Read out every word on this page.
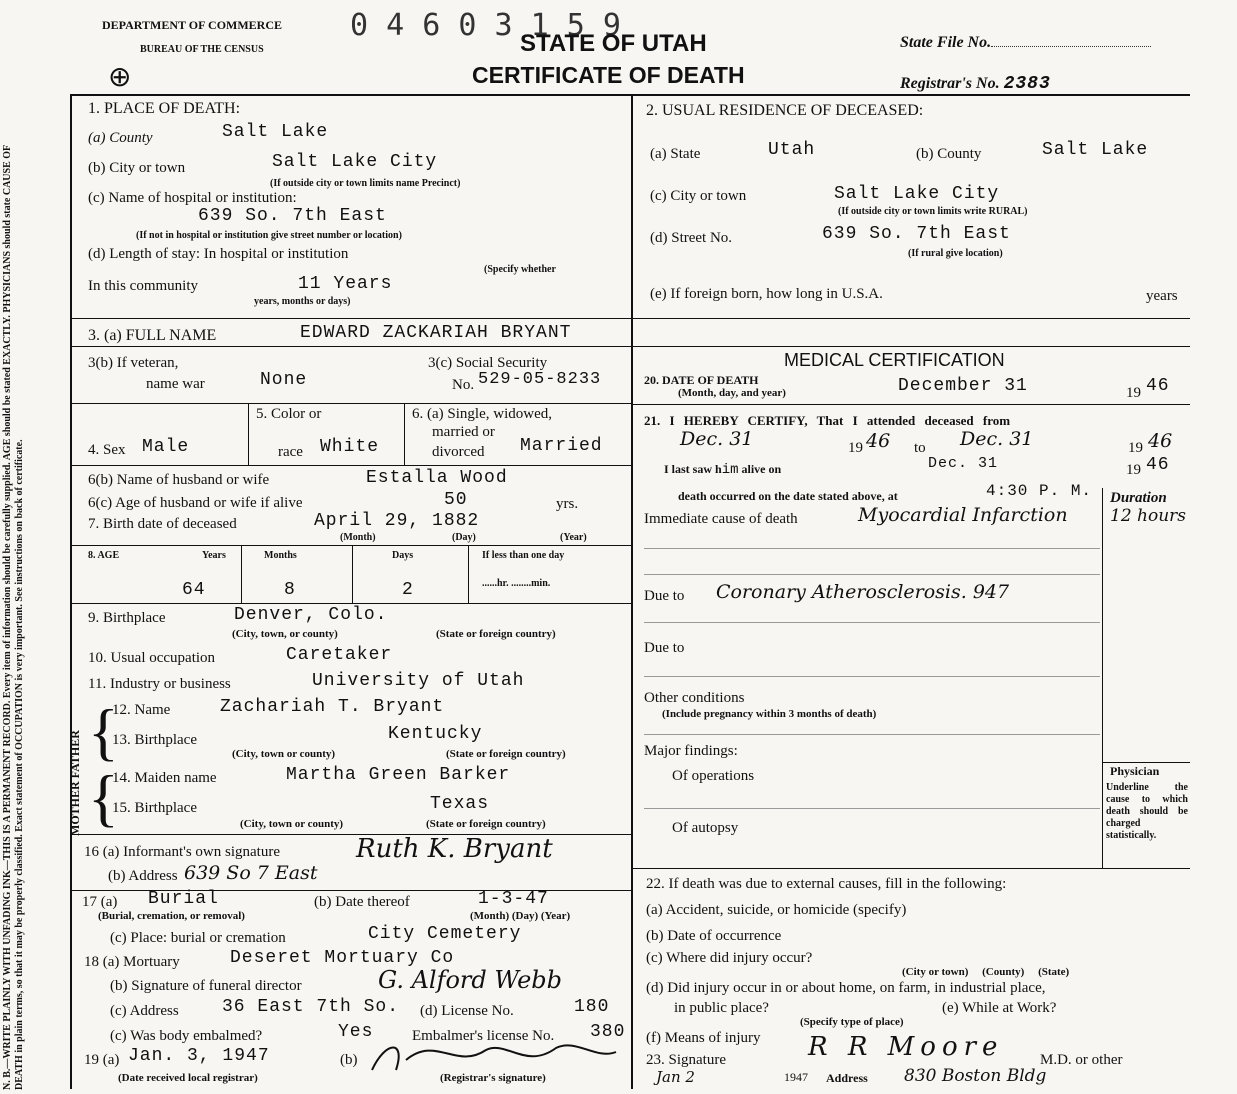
DEPARTMENT OF COMMERCE
BUREAU OF THE CENSUS
0 4 6 0 3 1 5 9
STATE OF UTAH
CERTIFICATE OF DEATH
State File No.
Registrar's No. 2383
⊕
N. B.—WRITE PLAINLY WITH UNFADING INK—THIS IS A PERMANENT RECORD. Every item of information should be carefully supplied. AGE should be stated EXACTLY. PHYSICIANS should state CAUSE OF DEATH in plain terms, so that it may be properly classified. Exact statement of OCCUPATION is very important. See instructions on back of certificate.
1. PLACE OF DEATH:
(a) County	Salt Lake
(b) City or town	Salt Lake City
(If outside city or town limits name Precinct)
(c) Name of hospital or institution:
639 So. 7th East
(If not in hospital or institution give street number or location)
(d) Length of stay: In hospital or institution
(Specify whether
In this community	11 Years
years, months or days)
2. USUAL RESIDENCE OF DECEASED:
(a) State	Utah	(b) County	Salt Lake
(c) City or town	Salt Lake City
(If outside city or town limits write RURAL)
(d) Street No.	639 So. 7th East
(If rural give location)
(e) If foreign born, how long in U.S.A.	years
3. (a) FULL NAME	EDWARD ZACKARIAH BRYANT
3(b) If veteran,
name war	None
3(c) Social Security
No. 529-05-8233
4. Sex Male
5. Color or
race White
6. (a) Single, widowed,
married or
divorced Married
6(b) Name of husband or wife	Estalla Wood
6(c) Age of husband or wife if alive	50	yrs.
7. Birth date of deceased	April 29, 1882
(Month)	(Day)	(Year)
8. AGE	Years	Months	Days	If less than one day
......hr. ........min.
64	8	2
9. Birthplace	Denver, Colo.
(City, town, or county)	(State or foreign country)
10. Usual occupation	Caretaker
11. Industry or business	University of Utah
MOTHER FATHER {
{
12. Name	Zachariah T. Bryant
13. Birthplace	Kentucky
(City, town or county)	(State or foreign country)
14. Maiden name	Martha Green Barker
15. Birthplace	Texas
(City, town or county)	(State or foreign country)
16 (a) Informant's own signature	Ruth K. Bryant
(b) Address 639 So 7 East
17 (a) Burial
(Burial, cremation, or removal)
(b) Date thereof	1-3-47
(Month) (Day) (Year)
(c) Place: burial or cremation	City Cemetery
18 (a) Mortuary	Deseret Mortuary Co
(b) Signature of funeral director	G. Alford Webb
(c) Address 36 East 7th So. (d) License No.	180
(c) Was body embalmed?	Yes	Embalmer's license No. 380
19 (a) Jan. 3, 1947
(Date received local registrar)
(b)
(Registrar's signature)
MEDICAL CERTIFICATION
20. DATE OF DEATH
(Month, day, and year)	December 31	19 46
21. I HEREBY CERTIFY, That I attended deceased from
Dec. 31	19 46 to Dec. 31	19 46
I last saw him alive on	Dec. 31	19 46
death occurred on the date stated above, at	4:30 P. M. Duration
Immediate cause of death	Myocardial Infarction 12 hours
Due to Coronary Atherosclerosis. 947
Due to
Other conditions
(Include pregnancy within 3 months of death)
Major findings:
Of operations
Of autopsy
Physician
Underline the cause to which death should be charged statistically.
22. If death was due to external causes, fill in the following:
(a) Accident, suicide, or homicide (specify)
(b) Date of occurrence
(c) Where did injury occur?
(City or town)     (County)     (State)
(d) Did injury occur in or about home, on farm, in industrial place,
in public place?	(e) While at Work?
(Specify type of place)
(f) Means of injury
23. Signature	R R Moore M.D. or other
Jan 2	1947 Address 830 Boston Bldg
